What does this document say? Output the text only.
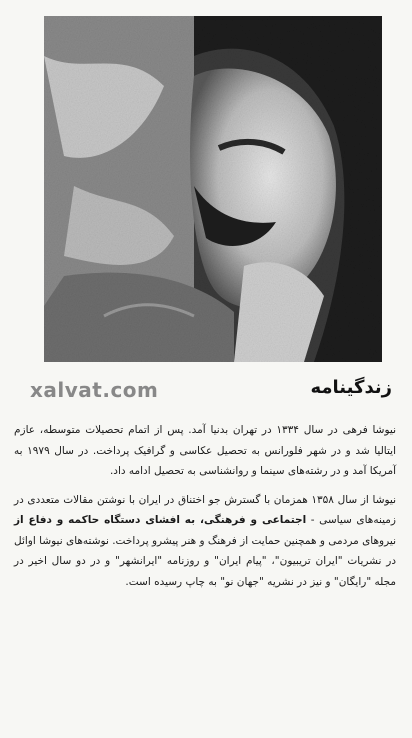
xalvat.com	زندگینامه

نیوشا فرهی در سال ۱۳۳۴ در تهران بدنیا آمد. پس از اتمام تحصیلات متوسطه، عازم ایتالیا شد و در شهر فلورانس به تحصیل عکاسی و گرافیک پرداخت. در سال ۱۹۷۹ به آمریکا آمد و در رشته‌های سینما و روانشناسی به تحصیل ادامه داد.

نیوشا از سال ۱۳۵۸ همزمان با گسترش جو اختناق در ایران با نوشتن مقالات متعددی در زمینه‌های سیاسی - اجتماعی و فرهنگی، به افشای دستگاه حاکمه و دفاع از نیروهای مردمی و همچنین حمایت از فرهنگ و هنر پیشرو پرداخت. نوشته‌های نیوشا اوائل در نشریات "ایران تریبیون"، "پیام ایران" و روزنامه "ایرانشهر" و در دو سال اخیر در مجله "رایگان" و نیز در نشریه "جهان نو" به چاپ رسیده است.
